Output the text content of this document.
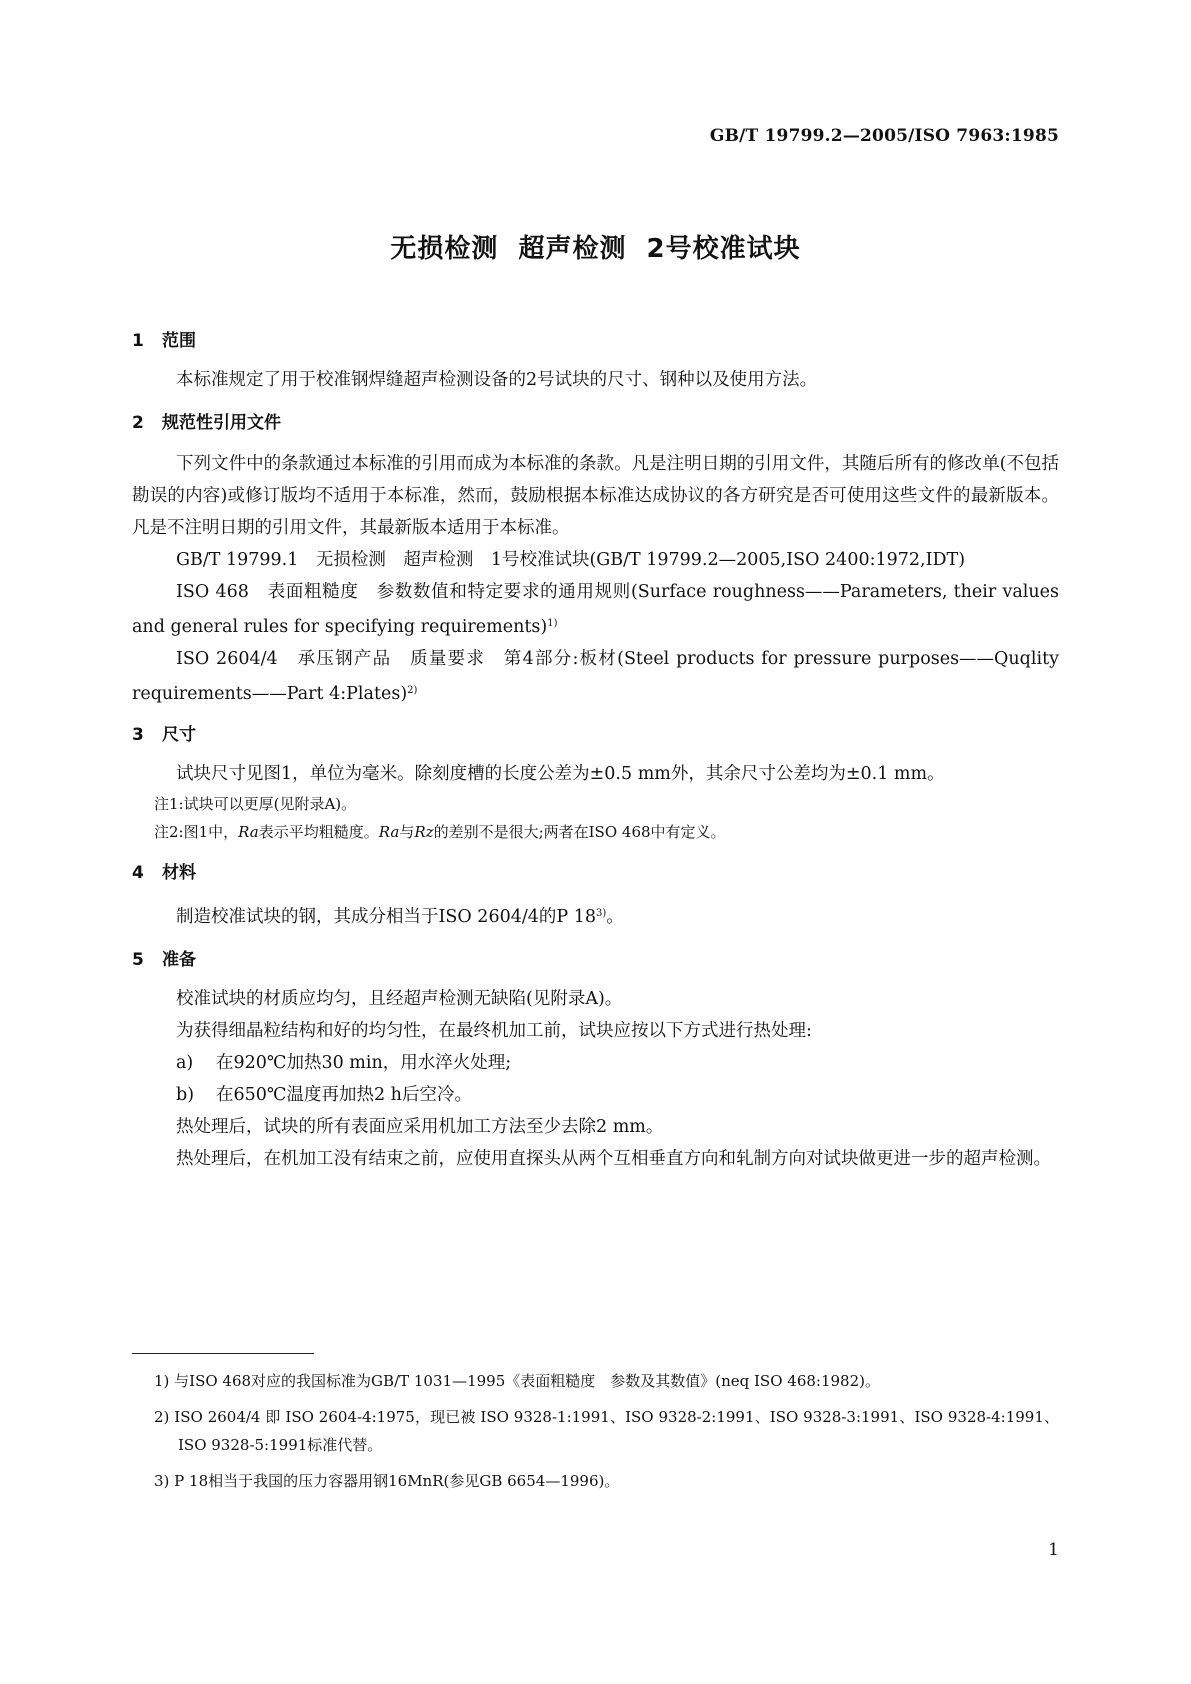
GB/T 19799.2—2005/ISO 7963:1985
无损检测 超声检测 2号校准试块
1 范围

本标准规定了用于校准钢焊缝超声检测设备的2号试块的尺寸、钢种以及使用方法。

2 规范性引用文件

下列文件中的条款通过本标准的引用而成为本标准的条款。凡是注明日期的引用文件，其随后所有的修改单(不包括勘误的内容)或修订版均不适用于本标准，然而，鼓励根据本标准达成协议的各方研究是否可使用这些文件的最新版本。凡是不注明日期的引用文件，其最新版本适用于本标准。

GB/T 19799.1　无损检测　超声检测　1号校准试块(GB/T 19799.2—2005,ISO 2400:1972,IDT)

ISO 468　表面粗糙度　参数数值和特定要求的通用规则(Surface roughness——Parameters, their values and general rules for specifying requirements)$^{1)}$

ISO 2604/4　承压钢产品　质量要求　第4部分:板材(Steel products for pressure purposes——Quqlity requirements——Part 4:Plates)$^{2)}$

3 尺寸

试块尺寸见图1，单位为毫米。除刻度槽的长度公差为±0.5 mm外，其余尺寸公差均为±0.1 mm。

注1:试块可以更厚(见附录A)。

注2:图1中，Ra表示平均粗糙度。Ra与Rz的差别不是很大;两者在ISO 468中有定义。

4 材料

制造校准试块的钢，其成分相当于ISO 2604/4的P 18$^{3)}$。

5 准备

校准试块的材质应均匀，且经超声检测无缺陷(见附录A)。

为获得细晶粒结构和好的均匀性，在最终机加工前，试块应按以下方式进行热处理:

a) 在920℃加热30 min，用水淬火处理;

b) 在650℃温度再加热2 h后空冷。

热处理后，试块的所有表面应采用机加工方法至少去除2 mm。

热处理后，在机加工没有结束之前，应使用直探头从两个互相垂直方向和轧制方向对试块做更进一步的超声检测。

1) 与ISO 468对应的我国标准为GB/T 1031—1995《表面粗糙度　参数及其数值》(neq ISO 468:1982)。

2) ISO 2604/4 即 ISO 2604-4:1975，现已被 ISO 9328-1:1991、ISO 9328-2:1991、ISO 9328-3:1991、ISO 9328-4:1991、ISO 9328-5:1991标准代替。

3) P 18相当于我国的压力容器用钢16MnR(参见GB 6654—1996)。

1
